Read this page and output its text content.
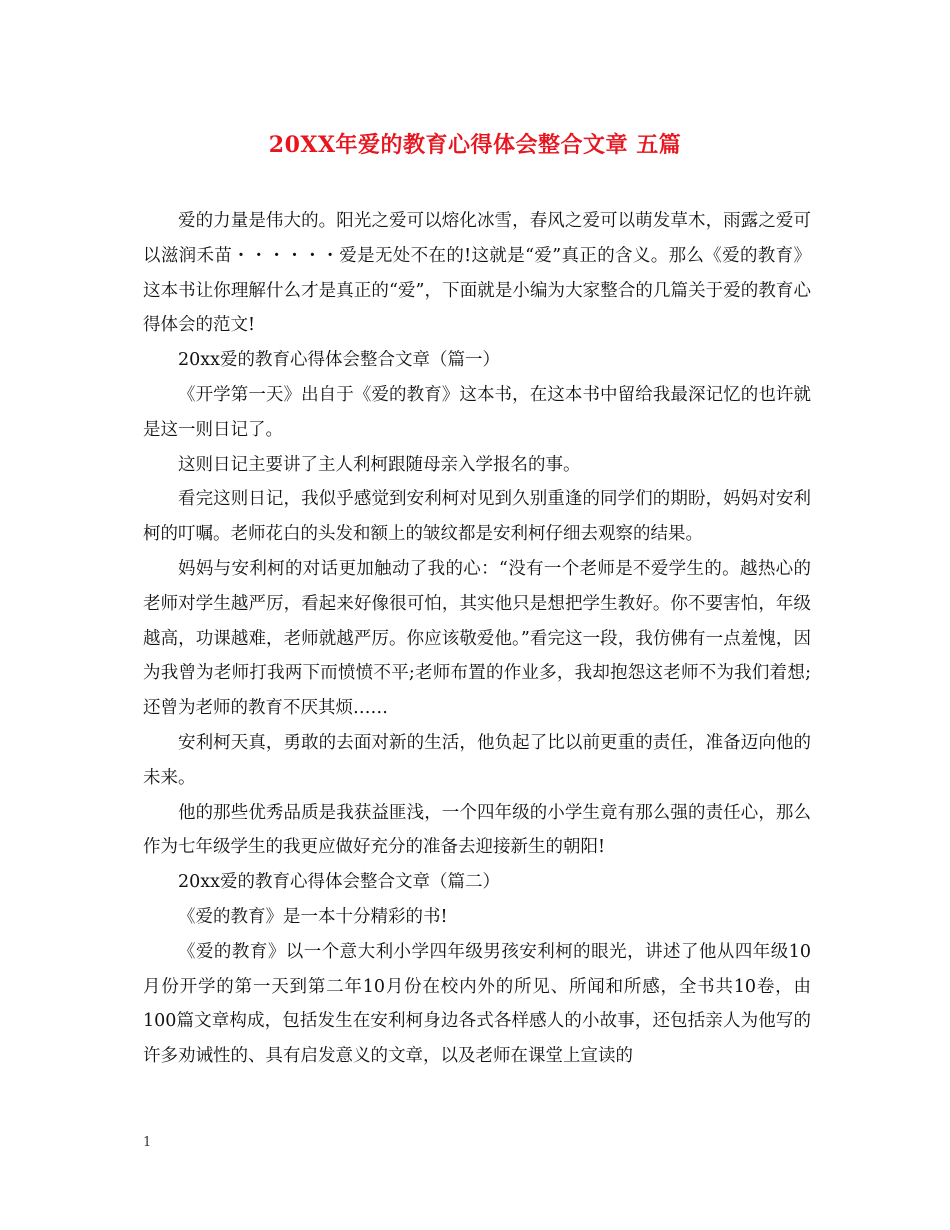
20XX年爱的教育心得体会整合文章 五篇

爱的力量是伟大的。阳光之爱可以熔化冰雪，春风之爱可以萌发草木，雨露之爱可以滋润禾苗・・・・・・爱是无处不在的!这就是“爱”真正的含义。那么《爱的教育》这本书让你理解什么才是真正的“爱”，下面就是小编为大家整合的几篇关于爱的教育心得体会的范文!

20xx爱的教育心得体会整合文章（篇一）

《开学第一天》出自于《爱的教育》这本书，在这本书中留给我最深记忆的也许就是这一则日记了。

这则日记主要讲了主人利柯跟随母亲入学报名的事。

看完这则日记，我似乎感觉到安利柯对见到久别重逢的同学们的期盼，妈妈对安利柯的叮嘱。老师花白的头发和额上的皱纹都是安利柯仔细去观察的结果。

妈妈与安利柯的对话更加触动了我的心：“没有一个老师是不爱学生的。越热心的老师对学生越严厉，看起来好像很可怕，其实他只是想把学生教好。你不要害怕，年级越高，功课越难，老师就越严厉。你应该敬爱他。”看完这一段，我仿佛有一点羞愧，因为我曾为老师打我两下而愤愤不平;老师布置的作业多，我却抱怨这老师不为我们着想;还曾为老师的教育不厌其烦……

安利柯天真，勇敢的去面对新的生活，他负起了比以前更重的责任，准备迈向他的未来。

他的那些优秀品质是我获益匪浅，一个四年级的小学生竟有那么强的责任心，那么作为七年级学生的我更应做好充分的准备去迎接新生的朝阳!

20xx爱的教育心得体会整合文章（篇二）

《爱的教育》是一本十分精彩的书!

《爱的教育》以一个意大利小学四年级男孩安利柯的眼光，讲述了他从四年级10月份开学的第一天到第二年10月份在校内外的所见、所闻和所感，全书共10卷，由100篇文章构成，包括发生在安利柯身边各式各样感人的小故事，还包括亲人为他写的许多劝诫性的、具有启发意义的文章，以及老师在课堂上宣读的

1
